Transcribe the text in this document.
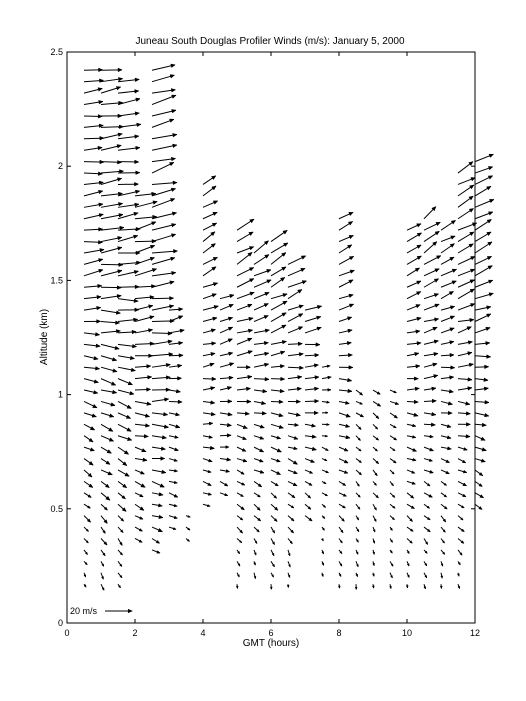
Juneau South Douglas Profiler Winds (m/s): January 5, 2000
0	2	4	6	8	10	12
0
0.5
1
1.5
2
2.5
GMT (hours)
Altitude (km)
20 m/s
